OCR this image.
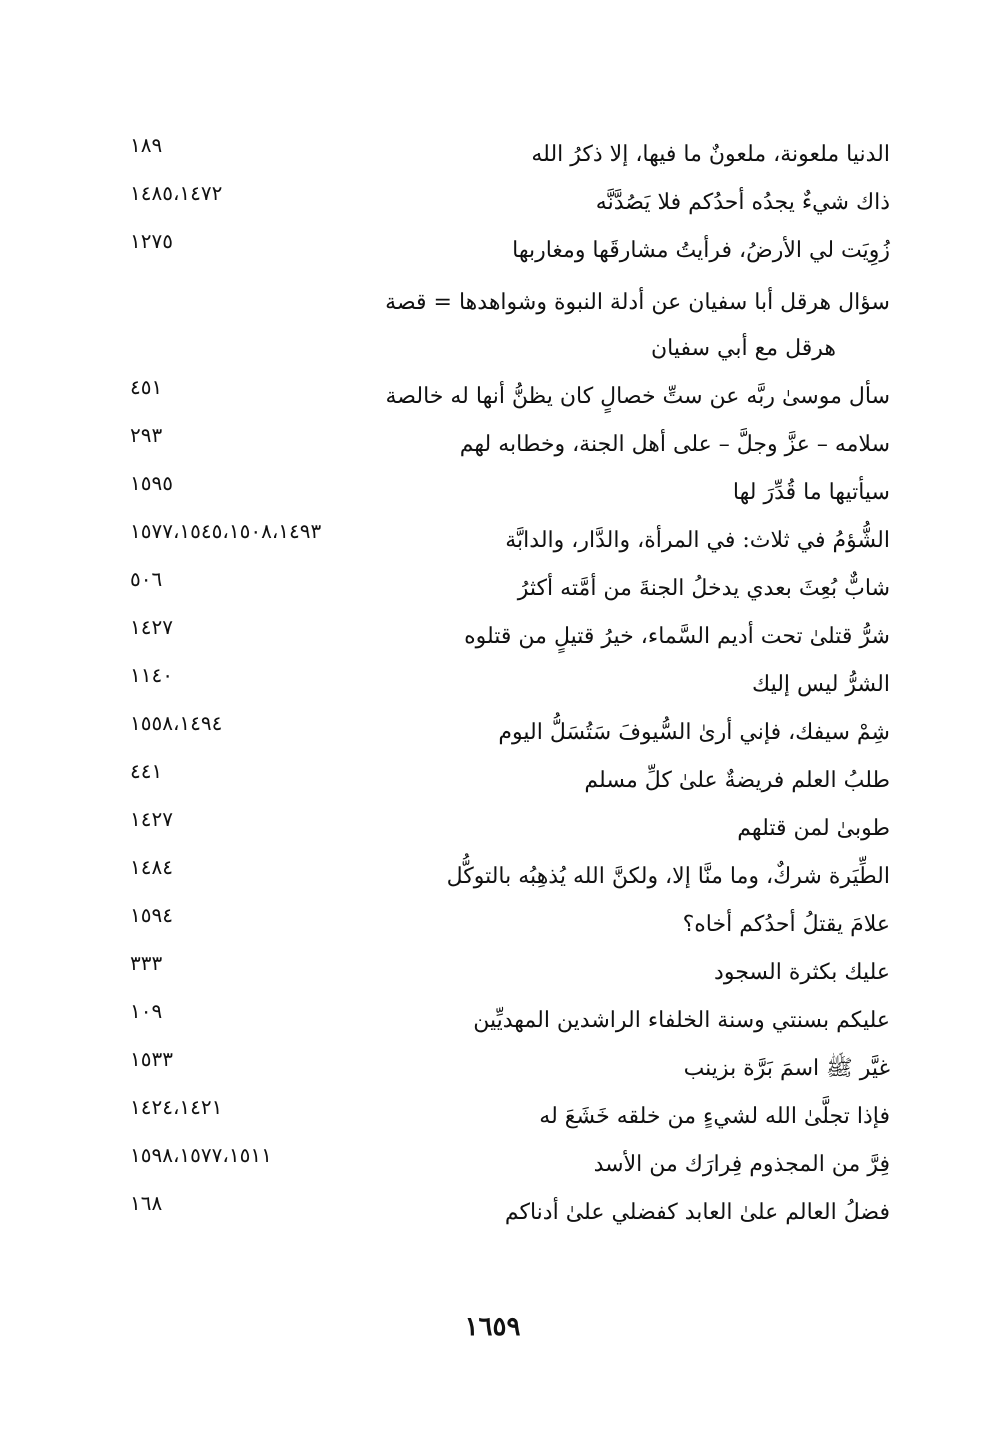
الدنيا ملعونة، ملعونٌ ما فيها، إلا ذكرُ الله
١٨٩
ذاك شيءٌ يجدُه أحدُكم فلا يَصُدَّنَّه
١٤٨٥،١٤٧٢
زُوِيَت لي الأرضُ، فرأيتُ مشارقَها ومغاربها
١٢٧٥
سؤال هرقل أبا سفيان عن أدلة النبوة وشواهدها = قصة
هرقل مع أبي سفيان
سأل موسىٰ ربَّه عن ستِّ خصالٍ كان يظنُّ أنها له خالصة
٤٥١
سلامه – عزَّ وجلَّ – على أهل الجنة، وخطابه لهم
٢٩٣
سيأتيها ما قُدِّرَ لها
١٥٩٥
الشُّؤمُ في ثلاث: في المرأة، والدَّار، والدابَّة
١٥٧٧،١٥٤٥،١٥٠٨،١٤٩٣
شابٌّ بُعِثَ بعدي يدخلُ الجنةَ من أمَّته أكثرُ
٥٠٦
شرُّ قتلىٰ تحت أديم السَّماء، خيرُ قتيلٍ من قتلوه
١٤٢٧
الشرُّ ليس إليك
١١٤٠
شِمْ سيفك، فإني أرىٰ السُّيوفَ سَتُسَلُّ اليوم
١٥٥٨،١٤٩٤
طلبُ العلم فريضةٌ علىٰ كلِّ مسلم
٤٤١
طوبىٰ لمن قتلهم
١٤٢٧
الطِّيَرة شركٌ، وما منَّا إلا، ولكنَّ الله يُذهِبُه بالتوكُّل
١٤٨٤
علامَ يقتلُ أحدُكم أخاه؟
١٥٩٤
عليك بكثرة السجود
٣٣٣
عليكم بسنتي وسنة الخلفاء الراشدين المهديِّين
١٠٩
غيَّر ﷺ اسمَ بَرَّة بزينب
١٥٣٣
فإذا تجلَّىٰ الله لشيءٍ من خلقه خَشَعَ له
١٤٢٤،١٤٢١
فِرَّ من المجذوم فِرارَك من الأسد
١٥٩٨،١٥٧٧،١٥١١
فضلُ العالم علىٰ العابد كفضلي علىٰ أدناكم
١٦٨
١٦٥٩
